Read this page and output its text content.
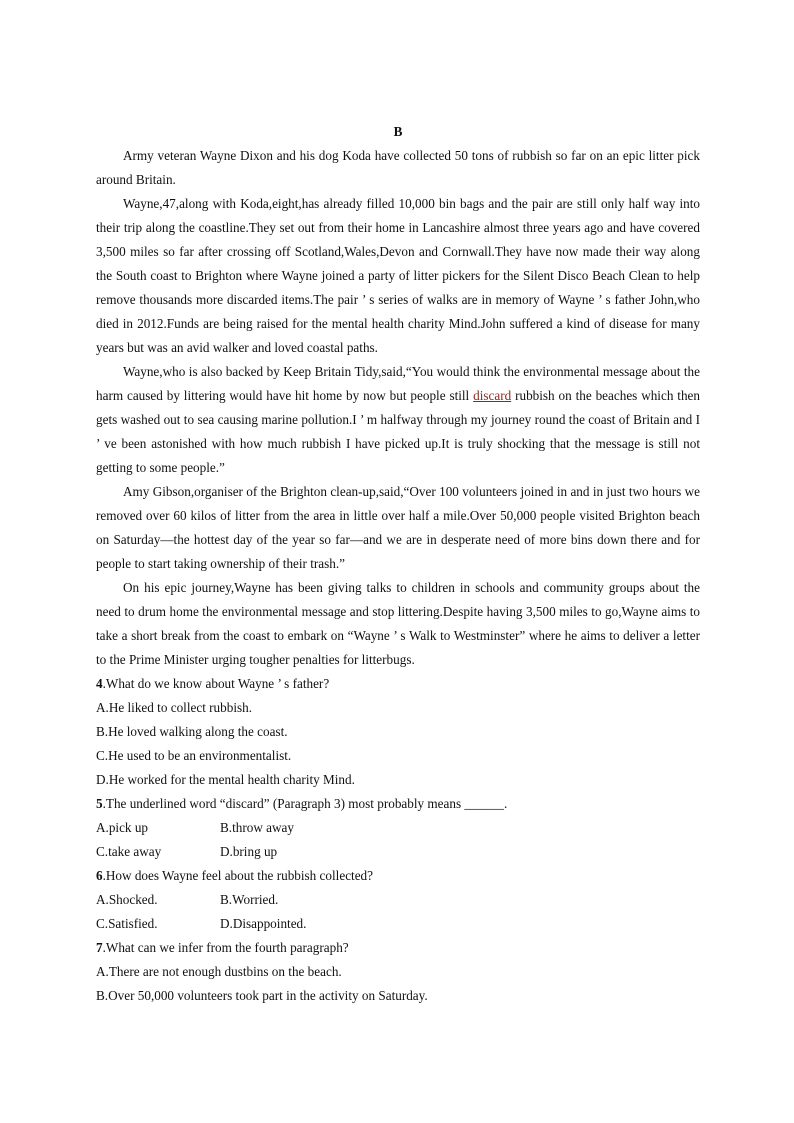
B

Army veteran Wayne Dixon and his dog Koda have collected 50 tons of rubbish so far on an epic litter pick around Britain.

Wayne,47,along with Koda,eight,has already filled 10,000 bin bags and the pair are still only half way into their trip along the coastline.They set out from their home in Lancashire almost three years ago and have covered 3,500 miles so far after crossing off Scotland,Wales,Devon and Cornwall.They have now made their way along the South coast to Brighton where Wayne joined a party of litter pickers for the Silent Disco Beach Clean to help remove thousands more discarded items.The pair ’ s series of walks are in memory of Wayne ’ s father John,who died in 2012.Funds are being raised for the mental health charity Mind.John suffered a kind of disease for many years but was an avid walker and loved coastal paths.

Wayne,who is also backed by Keep Britain Tidy,said,“You would think the environmental message about the harm caused by littering would have hit home by now but people still discard rubbish on the beaches which then gets washed out to sea causing marine pollution.I ’ m halfway through my journey round the coast of Britain and I ’ ve been astonished with how much rubbish I have picked up.It is truly shocking that the message is still not getting to some people.”

Amy Gibson,organiser of the Brighton clean-up,said,“Over 100 volunteers joined in and in just two hours we removed over 60 kilos of litter from the area in little over half a mile.Over 50,000 people visited Brighton beach on Saturday—the hottest day of the year so far—and we are in desperate need of more bins down there and for people to start taking ownership of their trash.”

On his epic journey,Wayne has been giving talks to children in schools and community groups about the need to drum home the environmental message and stop littering.Despite having 3,500 miles to go,Wayne aims to take a short break from the coast to embark on “Wayne ’ s Walk to Westminster” where he aims to deliver a letter to the Prime Minister urging tougher penalties for litterbugs.

4.What do we know about Wayne ’ s father?

A.He liked to collect rubbish.

B.He loved walking along the coast.

C.He used to be an environmentalist.

D.He worked for the mental health charity Mind.

5.The underlined word “discard” (Paragraph 3) most probably means ______.

A.pick up	B.throw away
C.take away	D.bring up

6.How does Wayne feel about the rubbish collected?

A.Shocked.	B.Worried.
C.Satisfied.	D.Disappointed.

7.What can we infer from the fourth paragraph?

A.There are not enough dustbins on the beach.

B.Over 50,000 volunteers took part in the activity on Saturday.
